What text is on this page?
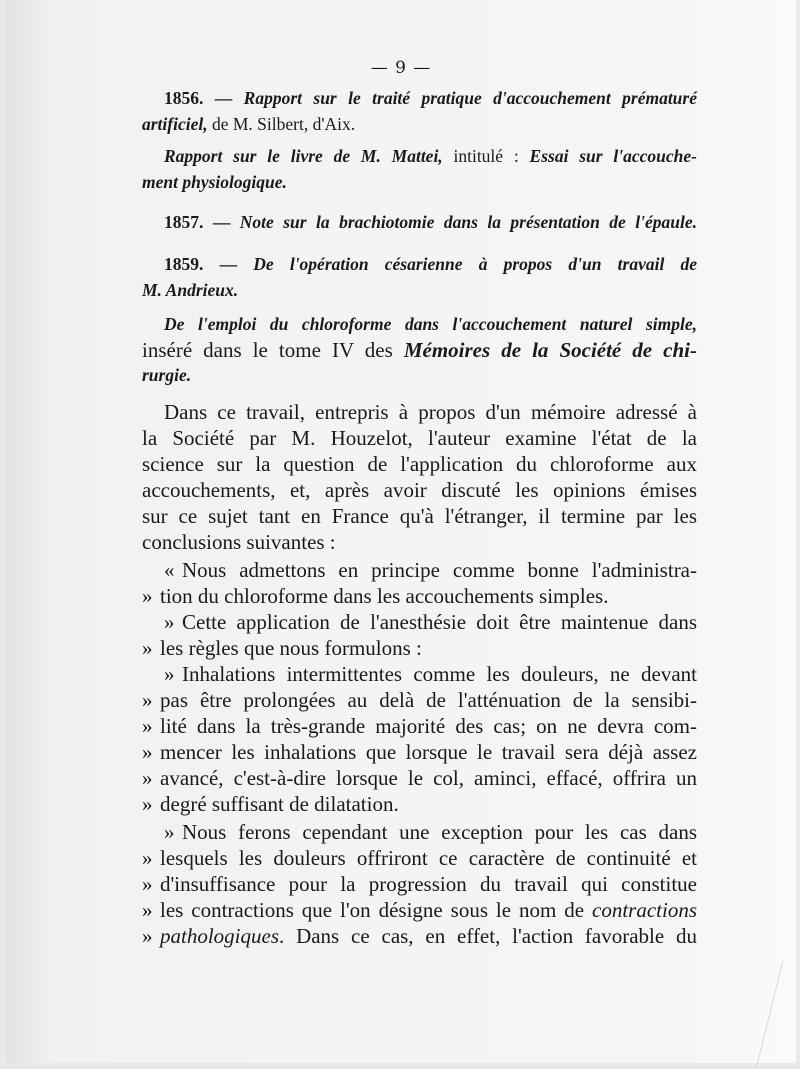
— 9 —
1856. — Rapport sur le traité pratique d'accouchement prématuré
artificiel, de M. Silbert, d'Aix.
Rapport sur le livre de M. Mattei, intitulé : Essai sur l'accouche-
ment physiologique.
1857. — Note sur la brachiotomie dans la présentation de l'épaule.
1859. — De l'opération césarienne à propos d'un travail de
M. Andrieux.
De l'emploi du chloroforme dans l'accouchement naturel simple,
inséré dans le tome IV des Mémoires de la Société de chi-
rurgie.
Dans ce travail, entrepris à propos d'un mémoire adressé à
la Société par M. Houzelot, l'auteur examine l'état de la
science sur la question de l'application du chloroforme aux
accouchements, et, après avoir discuté les opinions émises
sur ce sujet tant en France qu'à l'étranger, il termine par les
conclusions suivantes :
« Nous admettons en principe comme bonne l'administra-
» tion du chloroforme dans les accouchements simples.
» Cette application de l'anesthésie doit être maintenue dans
» les règles que nous formulons :
» Inhalations intermittentes comme les douleurs, ne devant
» pas être prolongées au delà de l'atténuation de la sensibi-
» lité dans la très-grande majorité des cas; on ne devra com-
» mencer les inhalations que lorsque le travail sera déjà assez
» avancé, c'est-à-dire lorsque le col, aminci, effacé, offrira un
» degré suffisant de dilatation.
» Nous ferons cependant une exception pour les cas dans
» lesquels les douleurs offriront ce caractère de continuité et
» d'insuffisance pour la progression du travail qui constitue
» les contractions que l'on désigne sous le nom de contractions
» pathologiques. Dans ce cas, en effet, l'action favorable du
